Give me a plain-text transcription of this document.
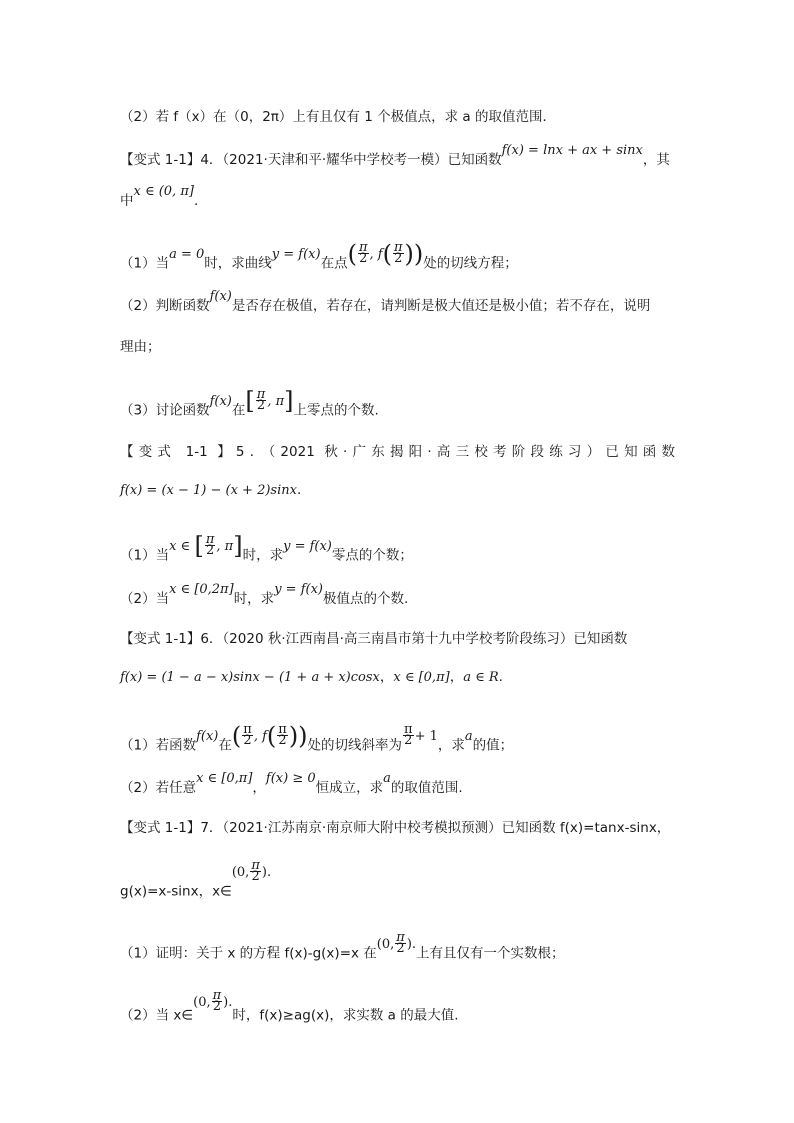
（2）若 f（x）在（0，2π）上有且仅有 1 个极值点，求 a 的取值范围．
【变式 1-1】4．（2021·天津和平·耀华中学校考一模）已知函数f(x) = lnx + ax + sinx，其
中x ∈ (0, π].
（1）当a = 0时，求曲线y = f(x)在点( $\frac{\pi}{2}$ , $f( \frac{\pi}{2}$ ))处的切线方程；
（2）判断函数f(x)是否存在极值，若存在，请判断是极大值还是极小值；若不存在，说明
理由；
（3）讨论函数f(x)在[ $\frac{\pi}{2}$ , π]上零点的个数.
【变式 1-1 】5．（2021 秋·广东揭阳·高三校考阶段练习）已知函数
f(x) = (x − 1) − (x + 2)sinx.
（1）当x ∈ [ $\frac{\pi}{2}$ , π]时，求y = f(x)零点的个数；
（2）当x ∈ [0,2π]时，求y = f(x)极值点的个数.
【变式 1-1】6．（2020 秋·江西南昌·高三南昌市第十九中学校考阶段练习）已知函数
f(x) = (1 − a − x)sinx − (1 + a + x)cosx，x ∈ [0,π]，a ∈ R.
（1）若函数f(x)在( $\frac{\pi}{2}$ , $f( \frac{\pi}{2}$ ))处的切线斜率为 $\frac{\pi}{2} + 1$，求a的值；
（2）若任意x ∈ [0,π]，f(x) ≥ 0恒成立，求a的取值范围.
【变式 1-1】7．（2021·江苏南京·南京师大附中校考模拟预测）已知函数 f(x)=tanx-sinx，
g(x)=x-sinx，x∈(0, $\frac{\pi}{2}$ ).
（1）证明：关于 x 的方程 f(x)-g(x)=x 在(0, $\frac{\pi}{2}$ ).上有且仅有一个实数根；
（2）当 x∈(0, $\frac{\pi}{2}$ ).时，f(x)≥ag(x)，求实数 a 的最大值.
